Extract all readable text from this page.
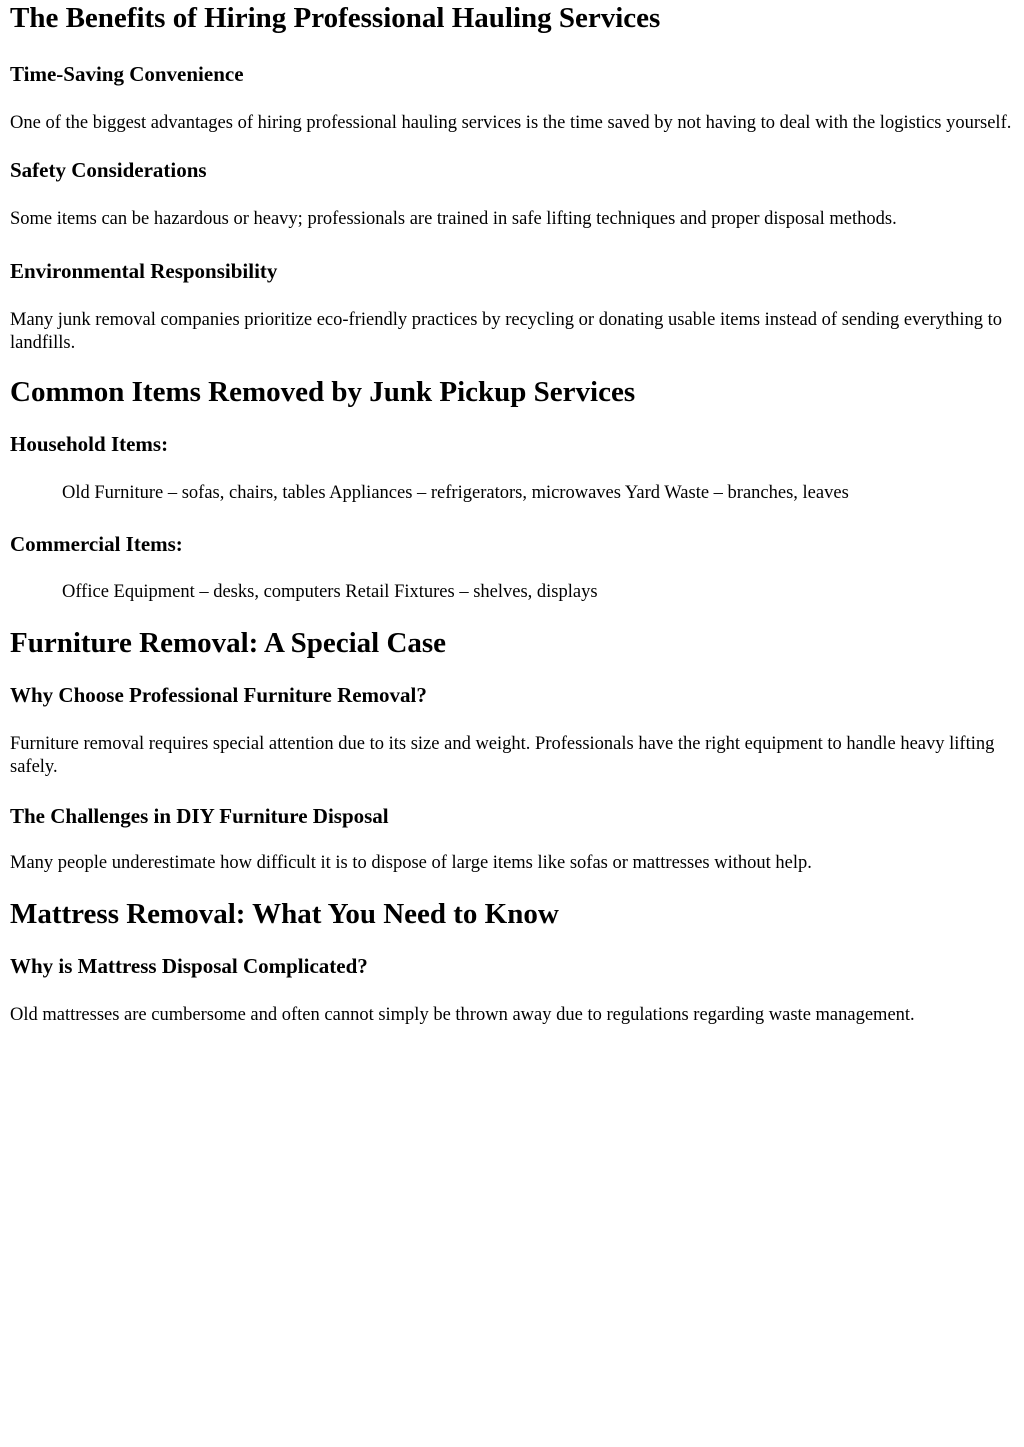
The Benefits of Hiring Professional Hauling Services
Time-Saving Convenience

One of the biggest advantages of hiring professional hauling services is the time saved by not having to deal with the logistics yourself.

Safety Considerations

Some items can be hazardous or heavy; professionals are trained in safe lifting techniques and proper disposal methods.

Environmental Responsibility

Many junk removal companies prioritize eco-friendly practices by recycling or donating usable items instead of sending everything to landfills.

Common Items Removed by Junk Pickup Services
Household Items:
Old Furniture – sofas, chairs, tables Appliances – refrigerators, microwaves Yard Waste – branches, leaves
Commercial Items:
Office Equipment – desks, computers Retail Fixtures – shelves, displays
Furniture Removal: A Special Case
Why Choose Professional Furniture Removal?

Furniture removal requires special attention due to its size and weight. Professionals have the right equipment to handle heavy lifting safely.

The Challenges in DIY Furniture Disposal

Many people underestimate how difficult it is to dispose of large items like sofas or mattresses without help.

Mattress Removal: What You Need to Know
Why is Mattress Disposal Complicated?

Old mattresses are cumbersome and often cannot simply be thrown away due to regulations regarding waste management.
